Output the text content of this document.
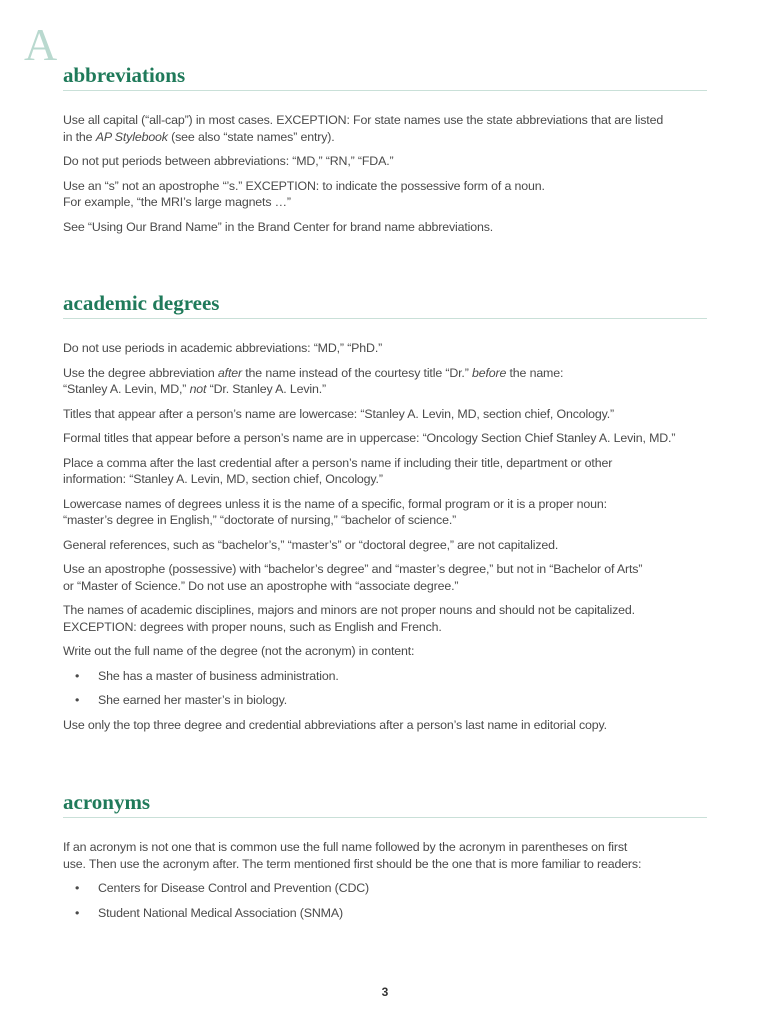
A
abbreviations

Use all capital (“all-cap”) in most cases. EXCEPTION: For state names use the state abbreviations that are listed
in the AP Stylebook (see also “state names” entry).

Do not put periods between abbreviations: “MD,” “RN,” “FDA.”

Use an “s” not an apostrophe “’s.” EXCEPTION: to indicate the possessive form of a noun.
For example, “the MRI’s large magnets …”

See “Using Our Brand Name” in the Brand Center for brand name abbreviations.

academic degrees

Do not use periods in academic abbreviations: “MD,” “PhD.”

Use the degree abbreviation after the name instead of the courtesy title “Dr.” before the name:
“Stanley A. Levin, MD,” not “Dr. Stanley A. Levin.”

Titles that appear after a person’s name are lowercase: “Stanley A. Levin, MD, section chief, Oncology.”

Formal titles that appear before a person’s name are in uppercase: “Oncology Section Chief Stanley A. Levin, MD.”

Place a comma after the last credential after a person’s name if including their title, department or other
information: “Stanley A. Levin, MD, section chief, Oncology.”

Lowercase names of degrees unless it is the name of a specific, formal program or it is a proper noun:
“master’s degree in English,” “doctorate of nursing,” “bachelor of science.”

General references, such as “bachelor’s,” “master’s” or “doctoral degree,” are not capitalized.

Use an apostrophe (possessive) with “bachelor’s degree” and “master’s degree,” but not in “Bachelor of Arts”
or “Master of Science.” Do not use an apostrophe with “associate degree.”

The names of academic disciplines, majors and minors are not proper nouns and should not be capitalized.
EXCEPTION: degrees with proper nouns, such as English and French.

Write out the full name of the degree (not the acronym) in content:

• She has a master of business administration.
• She earned her master’s in biology.

Use only the top three degree and credential abbreviations after a person’s last name in editorial copy.

acronyms

If an acronym is not one that is common use the full name followed by the acronym in parentheses on first
use. Then use the acronym after. The term mentioned first should be the one that is more familiar to readers:

• Centers for Disease Control and Prevention (CDC)
• Student National Medical Association (SNMA)
3
